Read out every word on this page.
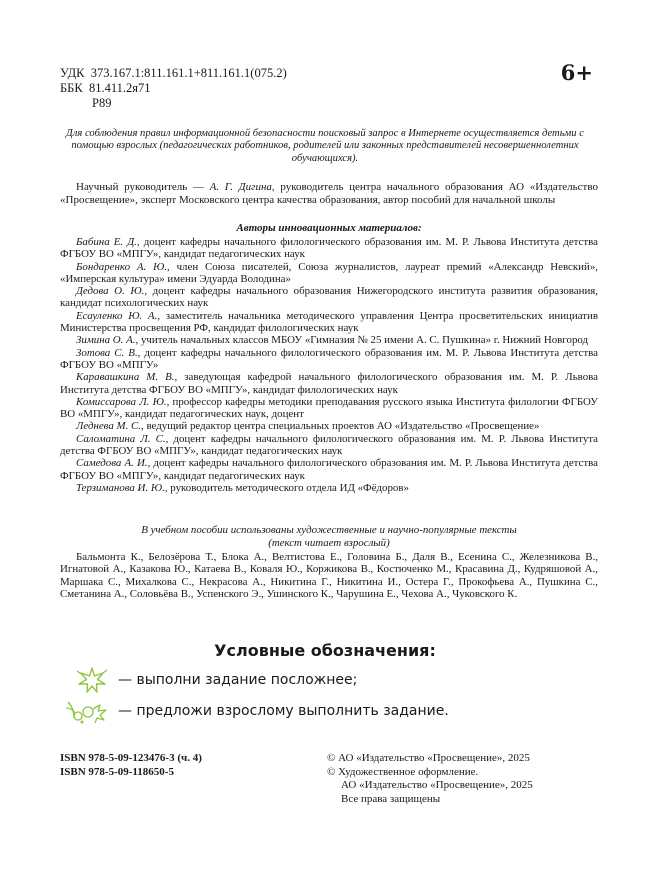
УДК 373.167.1:811.161.1+811.161.1(075.2)
ББК 81.411.2я71
Р89
6+
Для соблюдения правил информационной безопасности поисковый запрос в Интернете осуществляется детьми с помощью взрослых (педагогических работников, родителей или законных представителей несовершеннолетних обучающихся).
Научный руководитель — А. Г. Дигина, руководитель центра начального образования АО «Издательство «Просвещение», эксперт Московского центра качества образования, автор пособий для начальной школы
Авторы инновационных материалов:

Бабина Е. Д., доцент кафедры начального филологического образования им. М. Р. Львова Института детства ФГБОУ ВО «МПГУ», кандидат педагогических наук

Бондаренко А. Ю., член Союза писателей, Союза журналистов, лауреат премий «Александр Невский», «Имперская культура» имени Эдуарда Володина»

Дедова О. Ю., доцент кафедры начального образования Нижегородского института развития образования, кандидат психологических наук

Есауленко Ю. А., заместитель начальника методического управления Центра просветительских инициатив Министерства просвещения РФ, кандидат филологических наук

Зимина О. А., учитель начальных классов МБОУ «Гимназия № 25 имени А. С. Пушкина» г. Нижний Новгород

Зотова С. В., доцент кафедры начального филологического образования им. М. Р. Львова Института детства ФГБОУ ВО «МПГУ»

Каравашкина М. В., заведующая кафедрой начального филологического образования им. М. Р. Львова Института детства ФГБОУ ВО «МПГУ», кандидат филологических наук

Комиссарова Л. Ю., профессор кафедры методики преподавания русского языка Института филологии ФГБОУ ВО «МПГУ», кандидат педагогических наук, доцент

Леднева М. С., ведущий редактор центра специальных проектов АО «Издательство «Просвещение»

Саломатина Л. С., доцент кафедры начального филологического образования им. М. Р. Львова Института детства ФГБОУ ВО «МПГУ», кандидат педагогических наук

Самедова А. И., доцент кафедры начального филологического образования им. М. Р. Львова Института детства ФГБОУ ВО «МПГУ», кандидат педагогических наук

Терзиманова И. Ю., руководитель методического отдела ИД «Фёдоров»

В учебном пособии использованы художественные и научно-популярные тексты
(текст читает взрослый)
Бальмонта К., Белозёрова Т., Блока А., Велтистова Е., Головина Б., Даля В., Есенина С., Железникова В., Игнатовой А., Казакова Ю., Катаева В., Коваля Ю., Коржикова В., Костюченко М., Красавина Д., Кудряшовой А., Маршака С., Михалкова С., Некрасова А., Никитина Г., Никитина И., Остера Г., Прокофьева А., Пушкина С., Сметанина А., Соловьёва В., Успенского Э., Ушинского К., Чарушина Е., Чехова А., Чуковского К.
Условные обозначения:
— выполни задание посложнее;
— предложи взрослому выполнить задание.
ISBN 978-5-09-123476-3 (ч. 4)
ISBN 978-5-09-118650-5
© АО «Издательство «Просвещение», 2025
© Художественное оформление.
АО «Издательство «Просвещение», 2025
Все права защищены
